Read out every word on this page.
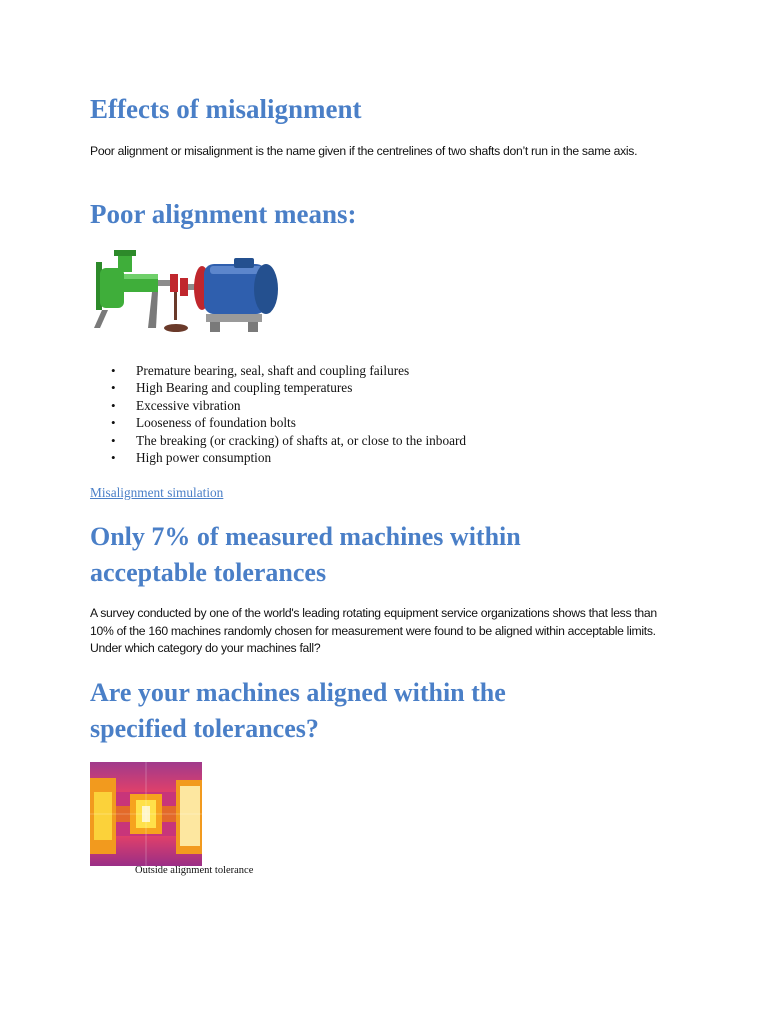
Effects of misalignment

Poor alignment or misalignment is the name given if the centrelines of two shafts don’t run in the same axis.

Poor alignment means:
• Premature bearing, seal, shaft and coupling failures
• High Bearing and coupling temperatures
• Excessive vibration
• Looseness of foundation bolts
• The breaking (or cracking) of shafts at, or close to the inboard
• High power consumption
Misalignment simulation
Only 7% of measured machines within
acceptable tolerances

A survey conducted by one of the world's leading rotating equipment service organizations shows that less than 10% of the 160 machines randomly chosen for measurement were found to be aligned within acceptable limits. Under which category do your machines fall?

Are your machines aligned within the
specified tolerances?
Outside alignment tolerance
